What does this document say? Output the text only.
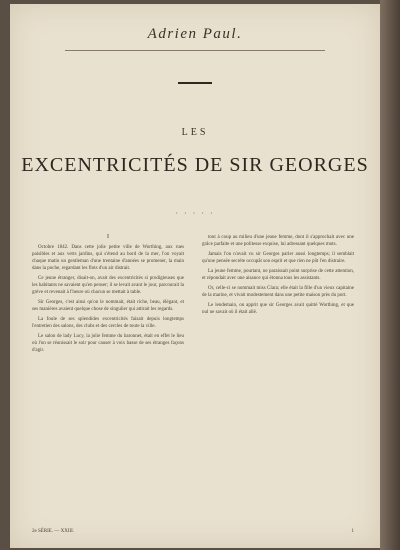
Adrien Paul.
LES
EXCENTRICITÉS DE SIR GEORGES
· · · · ·

I

Octobre 1842. Dans cette jolie petite ville de Worthing, aux rues paisibles et aux verts jardins, qui s'étend au bord de la mer, l'on voyait chaque matin un gentleman d'une trentaine d'années se promener, la main dans la poche, regardant les flots d'un air distrait.

Ce jeune étranger, disait-on, avait des excentricités si prodigieuses que les habitants ne savaient qu'en penser; il se levait avant le jour, parcourait la grève et revenait à l'heure où chacun se mettait à table.

Sir Georges, c'est ainsi qu'on le nommait, était riche, beau, élégant, et ses manières avaient quelque chose de singulier qui attirait les regards.

La foule de ses splendides excentricités faisait depuis longtemps l'entretien des salons, des clubs et des cercles de toute la ville.

Le salon de lady Lucy, la jolie femme du baronnet, était en effet le lieu où l'on se réunissait le soir pour causer à voix basse de ses étranges façons d'agir.

tout à coup au milieu d'une jeune femme, dont il s'approchait avec une grâce parfaite et une politesse exquise, lui adressant quelques mots.

Jamais l'on n'avait vu sir Georges parler aussi longtemps; il semblait qu'une pensée secrète occupât son esprit et que rien ne pût l'en distraire.

La jeune femme, pourtant, ne paraissait point surprise de cette attention, et répondait avec une aisance qui étonna tous les assistants.

Or, celle-ci se nommait miss Clara; elle était la fille d'un vieux capitaine de la marine, et vivait modestement dans une petite maison près du port.

Le lendemain, on apprit que sir Georges avait quitté Worthing, et que nul ne savait où il était allé.

2e SÉRIE. — XXIII.	1
